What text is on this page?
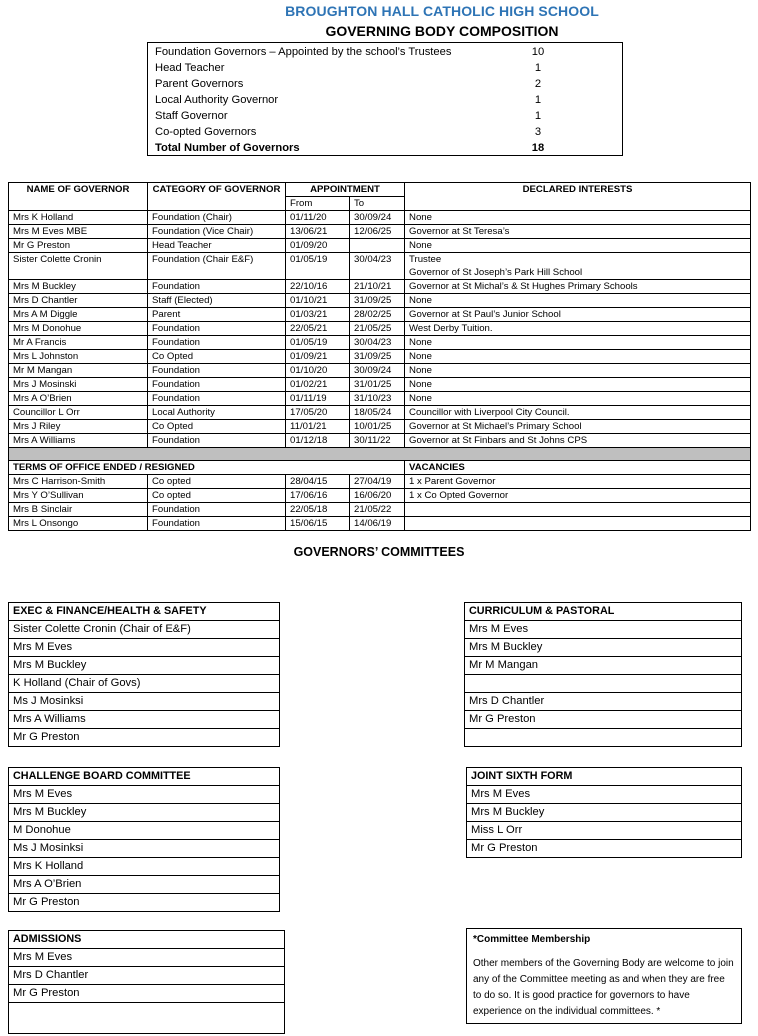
BROUGHTON HALL CATHOLIC HIGH SCHOOL
GOVERNING BODY COMPOSITION
Foundation Governors – Appointed by the school’s Trustees	10
Head Teacher	1
Parent Governors	2
Local Authority Governor	1
Staff Governor	1
Co-opted Governors	3
Total Number of Governors	18
NAME OF GOVERNOR	CATEGORY OF GOVERNOR	APPOINTMENT		DECLARED INTERESTS
		From	To	
Mrs K Holland	Foundation (Chair)	01/11/20	30/09/24	None
Mrs M Eves MBE	Foundation (Vice Chair)	13/06/21	12/06/25	Governor at St Teresa’s
Mr G Preston	Head Teacher	01/09/20		None
Sister Colette Cronin	Foundation (Chair E&F)	01/05/19	30/04/23	Trustee
				Governor of St Joseph’s Park Hill School
Mrs M Buckley	Foundation	22/10/16	21/10/21	Governor at St Michal’s & St Hughes Primary Schools
Mrs D Chantler	Staff (Elected)	01/10/21	31/09/25	None
Mrs A M Diggle	Parent	01/03/21	28/02/25	Governor at St Paul’s Junior School
Mrs M Donohue	Foundation	22/05/21	21/05/25	West Derby Tuition.
Mr A Francis	Foundation	01/05/19	30/04/23	None
Mrs L Johnston	Co Opted	01/09/21	31/09/25	None
Mr M Mangan	Foundation	01/10/20	30/09/24	None
Mrs J Mosinski	Foundation	01/02/21	31/01/25	None
Mrs A O’Brien	Foundation	01/11/19	31/10/23	None
Councillor L Orr	Local Authority	17/05/20	18/05/24	Councillor with Liverpool City Council.
Mrs J Riley	Co Opted	11/01/21	10/01/25	Governor at St Michael’s Primary School
Mrs A Williams	Foundation	01/12/18	30/11/22	Governor at St Finbars and St Johns CPS

TERMS OF OFFICE ENDED / RESIGNED				VACANCIES
Mrs C Harrison-Smith	Co opted	28/04/15	27/04/19	1 x Parent Governor
Mrs Y O’Sullivan	Co opted	17/06/16	16/06/20	1 x Co Opted Governor
Mrs B Sinclair	Foundation	22/05/18	21/05/22	
Mrs L Onsongo	Foundation	15/06/15	14/06/19	
GOVERNORS’ COMMITTEES
EXEC & FINANCE/HEALTH & SAFETY
Sister Colette Cronin (Chair of E&F)
Mrs M Eves
Mrs M Buckley
K Holland (Chair of Govs)
Ms J Mosinksi
Mrs A Williams
Mr G Preston
CURRICULUM & PASTORAL
Mrs M Eves
Mrs M Buckley
Mr M Mangan
Mrs D Chantler
Mr G Preston
CHALLENGE BOARD COMMITTEE
Mrs M Eves
Mrs M Buckley
M Donohue
Ms J Mosinksi
Mrs K Holland
Mrs A O’Brien
Mr G Preston
JOINT SIXTH FORM
Mrs M Eves
Mrs M Buckley
Miss L Orr
Mr G Preston
ADMISSIONS
Mrs M Eves
Mrs D Chantler
Mr G Preston
*Committee Membership
Other members of the Governing Body are welcome to join any of the Committee meeting as and when they are free to do so. It is good practice for governors to have experience on the individual committees. *
